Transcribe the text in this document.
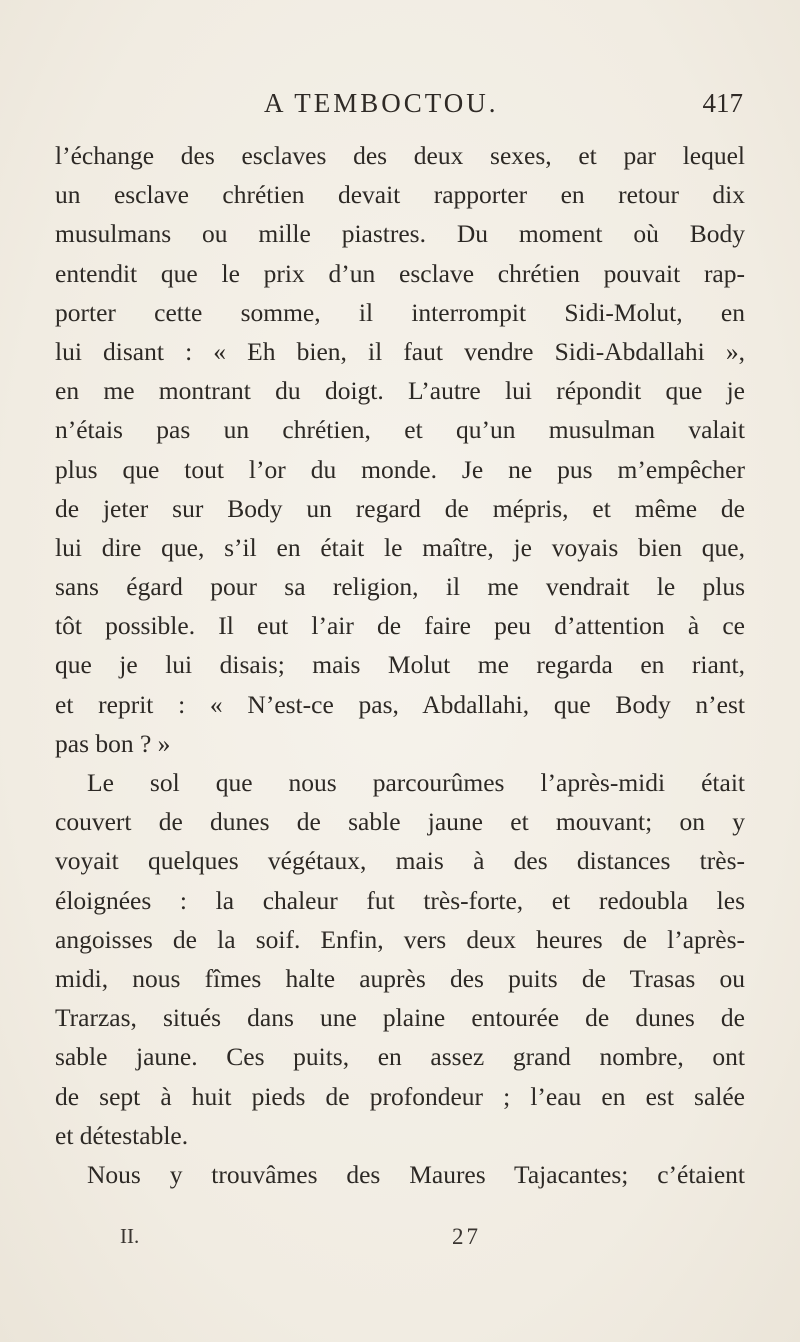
A TEMBOCTOU.	417
l’échange des esclaves des deux sexes, et par lequel
un esclave chrétien devait rapporter en retour dix
musulmans ou mille piastres. Du moment où Body
entendit que le prix d’un esclave chrétien pouvait rap-
porter cette somme, il interrompit Sidi-Molut, en
lui disant : « Eh bien, il faut vendre Sidi-Abdallahi »,
en me montrant du doigt. L’autre lui répondit que je
n’étais pas un chrétien, et qu’un musulman valait
plus que tout l’or du monde. Je ne pus m’empêcher
de jeter sur Body un regard de mépris, et même de
lui dire que, s’il en était le maître, je voyais bien que,
sans égard pour sa religion, il me vendrait le plus
tôt possible. Il eut l’air de faire peu d’attention à ce
que je lui disais; mais Molut me regarda en riant,
et reprit : « N’est-ce pas, Abdallahi, que Body n’est
pas bon ? »
Le sol que nous parcourûmes l’après-midi était
couvert de dunes de sable jaune et mouvant; on y
voyait quelques végétaux, mais à des distances très-
éloignées : la chaleur fut très-forte, et redoubla les
angoisses de la soif. Enfin, vers deux heures de l’après-
midi, nous fîmes halte auprès des puits de Trasas ou
Trarzas, situés dans une plaine entourée de dunes de
sable jaune. Ces puits, en assez grand nombre, ont
de sept à huit pieds de profondeur ; l’eau en est salée
et détestable.
Nous y trouvâmes des Maures Tajacantes; c’étaient
II.	27
